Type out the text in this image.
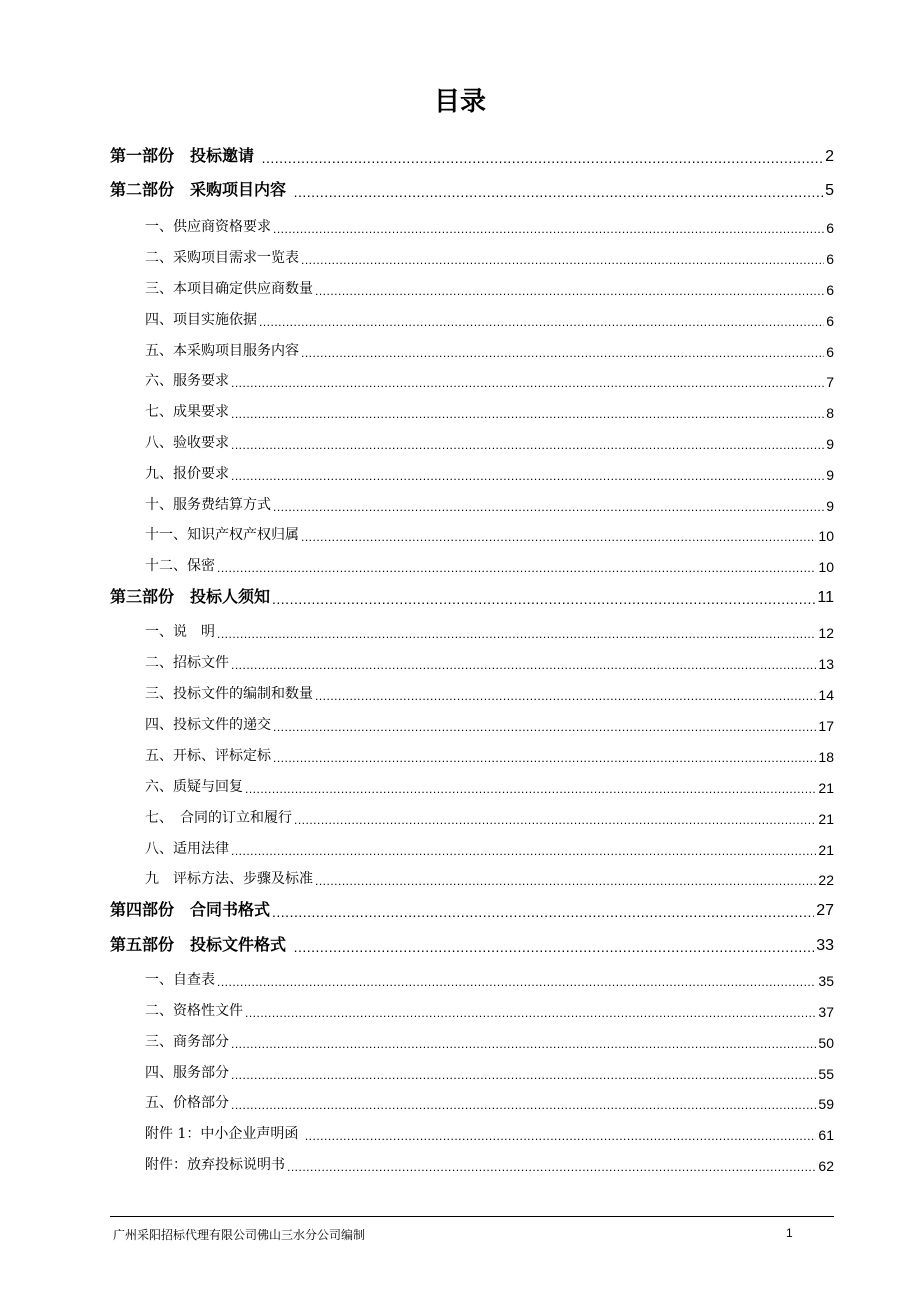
目录
第一部份　投标邀请 .....	2
第二部份　采购项目内容 .....	5
一、供应商资格要求 .....	6
二、采购项目需求一览表 .....	6
三、本项目确定供应商数量 .....	6
四、项目实施依据 .....	6
五、本采购项目服务内容 .....	6
六、服务要求 .....	7
七、成果要求 .....	8
八、验收要求 .....	9
九、报价要求 .....	9
十、服务费结算方式 .....	9
十一、知识产权产权归属 .....	10
十二、保密 .....	10
第三部份　投标人须知 .....	11
一、说　明 .....	12
二、招标文件 .....	13
三、投标文件的编制和数量 .....	14
四、投标文件的递交 .....	17
五、开标、评标定标 .....	18
六、质疑与回复 .....	21
七、　合同的订立和履行 .....	21
八、适用法律 .....	21
九　评标方法、步骤及标准 .....	22
第四部份　合同书格式 .....	27
第五部份　投标文件格式 .....	33
一、自查表 .....	35
二、资格性文件 .....	37
三、商务部分 .....	50
四、服务部分 .....	55
五、价格部分 .....	59
附件 1：中小企业声明函 .....	61
附件：放弃投标说明书 .....	62
广州采阳招标代理有限公司佛山三水分公司编制	1
